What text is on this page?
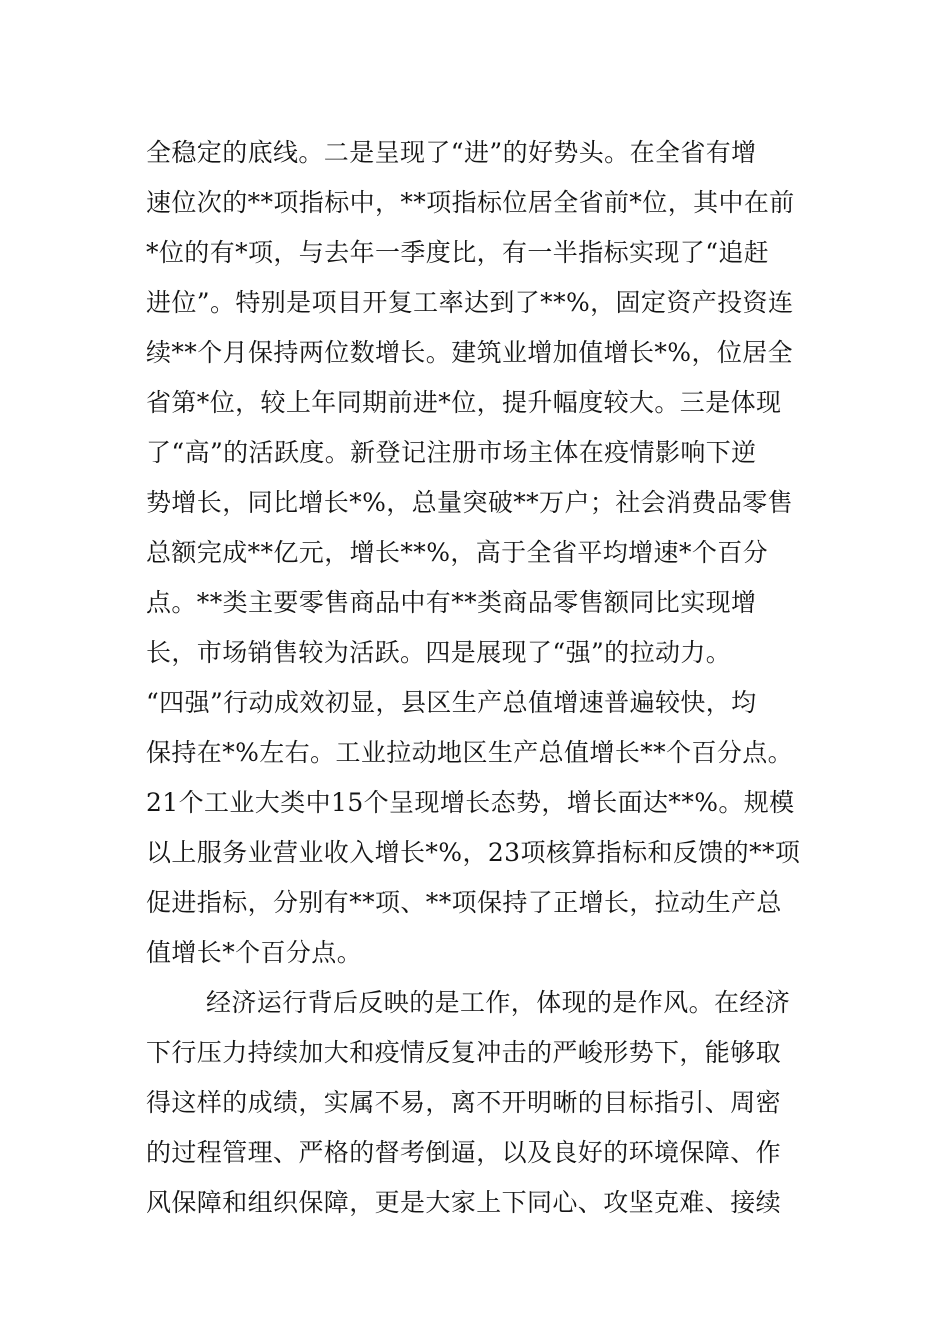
全稳定的底线。二是呈现了“进”的好势头。在全省有增
速位次的**项指标中，**项指标位居全省前*位，其中在前
*位的有*项，与去年一季度比，有一半指标实现了“追赶
进位”。特别是项目开复工率达到了**%，固定资产投资连
续**个月保持两位数增长。建筑业增加值增长*%，位居全
省第*位，较上年同期前进*位，提升幅度较大。三是体现
了“高”的活跃度。新登记注册市场主体在疫情影响下逆
势增长，同比增长*%，总量突破**万户；社会消费品零售
总额完成**亿元，增长**%，高于全省平均增速*个百分
点。**类主要零售商品中有**类商品零售额同比实现增
长，市场销售较为活跃。四是展现了“强”的拉动力。
“四强”行动成效初显，县区生产总值增速普遍较快，均
保持在*%左右。工业拉动地区生产总值增长**个百分点。
21个工业大类中15个呈现增长态势，增长面达**%。规模
以上服务业营业收入增长*%，23项核算指标和反馈的**项
促进指标，分别有**项、**项保持了正增长，拉动生产总
值增长*个百分点。
经济运行背后反映的是工作，体现的是作风。在经济
下行压力持续加大和疫情反复冲击的严峻形势下，能够取
得这样的成绩，实属不易，离不开明晰的目标指引、周密
的过程管理、严格的督考倒逼，以及良好的环境保障、作
风保障和组织保障，更是大家上下同心、攻坚克难、接续
